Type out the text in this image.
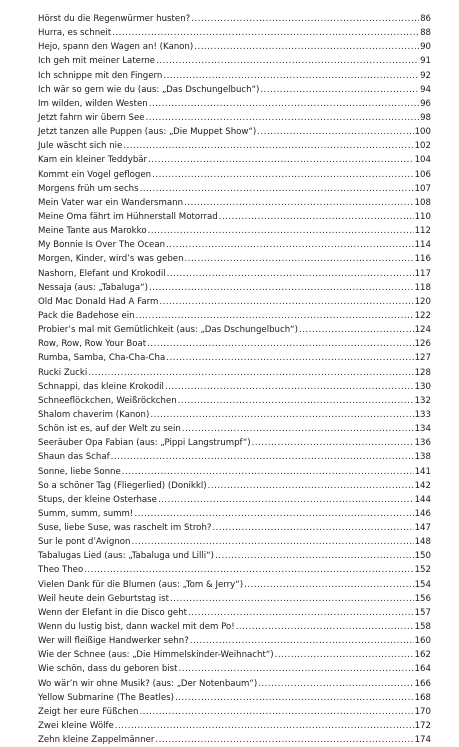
Hörst du die Regenwürmer husten? .....	86
Hurra, es schneit .....	88
Hejo, spann den Wagen an! (Kanon) .....	90
Ich geh mit meiner Laterne .....	91
Ich schnippe mit den Fingern .....	92
Ich wär so gern wie du (aus: „Das Dschungelbuch“) .....	94
Im wilden, wilden Westen .....	96
Jetzt fahrn wir übern See .....	98
Jetzt tanzen alle Puppen (aus: „Die Muppet Show“) .....	100
Jule wäscht sich nie .....	102
Kam ein kleiner Teddybär .....	104
Kommt ein Vogel geflogen .....	106
Morgens früh um sechs .....	107
Mein Vater war ein Wandersmann .....	108
Meine Oma fährt im Hühnerstall Motorrad .....	110
Meine Tante aus Marokko .....	112
My Bonnie Is Over The Ocean .....	114
Morgen, Kinder, wird’s was geben .....	116
Nashorn, Elefant und Krokodil .....	117
Nessaja (aus: „Tabaluga“) .....	118
Old Mac Donald Had A Farm .....	120
Pack die Badehose ein .....	122
Probier’s mal mit Gemütlichkeit (aus: „Das Dschungelbuch“) .....	124
Row, Row, Row Your Boat .....	126
Rumba, Samba, Cha-Cha-Cha .....	127
Rucki Zucki .....	128
Schnappi, das kleine Krokodil .....	130
Schneeflöckchen, Weißröckchen .....	132
Shalom chaverim (Kanon) .....	133
Schön ist es, auf der Welt zu sein .....	134
Seeräuber Opa Fabian (aus: „Pippi Langstrumpf“) .....	136
Shaun das Schaf .....	138
Sonne, liebe Sonne .....	141
So a schöner Tag (Fliegerlied) (Donikkl) .....	142
Stups, der kleine Osterhase .....	144
Summ, summ, summ! .....	146
Suse, liebe Suse, was raschelt im Stroh? .....	147
Sur le pont d’Avignon .....	148
Tabalugas Lied (aus: „Tabaluga und Lilli“) .....	150
Theo Theo .....	152
Vielen Dank für die Blumen (aus: „Tom & Jerry“) .....	154
Weil heute dein Geburtstag ist .....	156
Wenn der Elefant in die Disco geht .....	157
Wenn du lustig bist, dann wackel mit dem Po! .....	158
Wer will fleißige Handwerker sehn? .....	160
Wie der Schnee (aus: „Die Himmelskinder-Weihnacht“) .....	162
Wie schön, dass du geboren bist .....	164
Wo wär’n wir ohne Musik? (aus: „Der Notenbaum“) .....	166
Yellow Submarine (The Beatles) .....	168
Zeigt her eure Füßchen .....	170
Zwei kleine Wölfe .....	172
Zehn kleine Zappelmänner .....	174
